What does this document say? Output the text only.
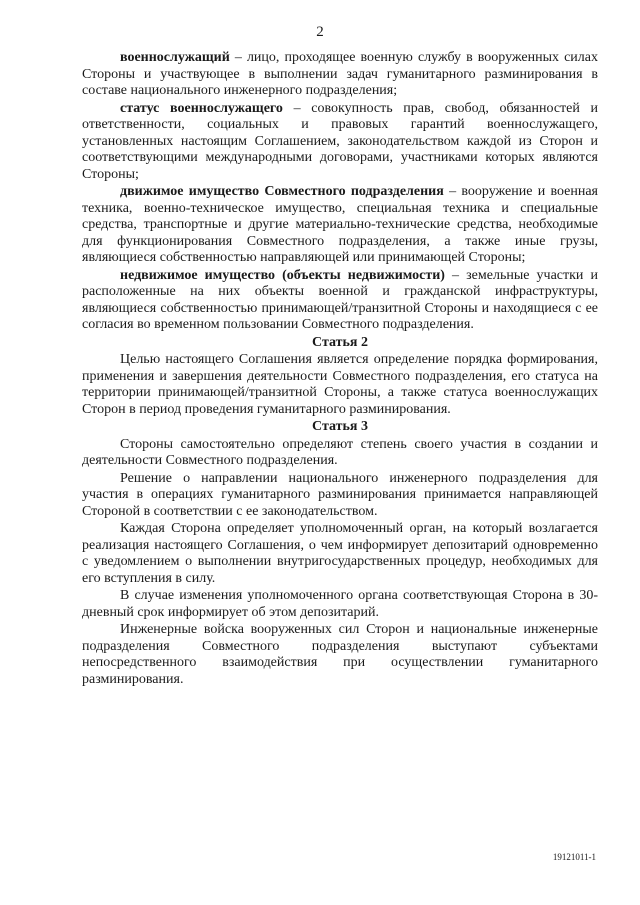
2

военнослужащий – лицо, проходящее военную службу в вооруженных силах Стороны и участвующее в выполнении задач гуманитарного разминирования в составе национального инженерного подразделения;

статус военнослужащего – совокупность прав, свобод, обязанностей и ответственности, социальных и правовых гарантий военнослужащего, установленных настоящим Соглашением, законодательством каждой из Сторон и соответствующими международными договорами, участниками которых являются Стороны;

движимое имущество Совместного подразделения – вооружение и военная техника, военно-техническое имущество, специальная техника и специальные средства, транспортные и другие материально-технические средства, необходимые для функционирования Совместного подразделения, а также иные грузы, являющиеся собственностью направляющей или принимающей Стороны;

недвижимое имущество (объекты недвижимости) – земельные участки и расположенные на них объекты военной и гражданской инфраструктуры, являющиеся собственностью принимающей/транзитной Стороны и находящиеся с ее согласия во временном пользовании Совместного подразделения.

Статья 2

Целью настоящего Соглашения является определение порядка формирования, применения и завершения деятельности Совместного подразделения, его статуса на территории принимающей/транзитной Стороны, а также статуса военнослужащих Сторон в период проведения гуманитарного разминирования.

Статья 3

Стороны самостоятельно определяют степень своего участия в создании и деятельности Совместного подразделения.

Решение о направлении национального инженерного подразделения для участия в операциях гуманитарного разминирования принимается направляющей Стороной в соответствии с ее законодательством.

Каждая Сторона определяет уполномоченный орган, на который возлагается реализация настоящего Соглашения, о чем информирует депозитарий одновременно с уведомлением о выполнении внутригосударственных процедур, необходимых для его вступления в силу.

В случае изменения уполномоченного органа соответствующая Сторона в 30-дневный срок информирует об этом депозитарий.

Инженерные войска вооруженных сил Сторон и национальные инженерные подразделения Совместного подразделения выступают субъектами непосредственного взаимодействия при осуществлении гуманитарного разминирования.

19121011-1
